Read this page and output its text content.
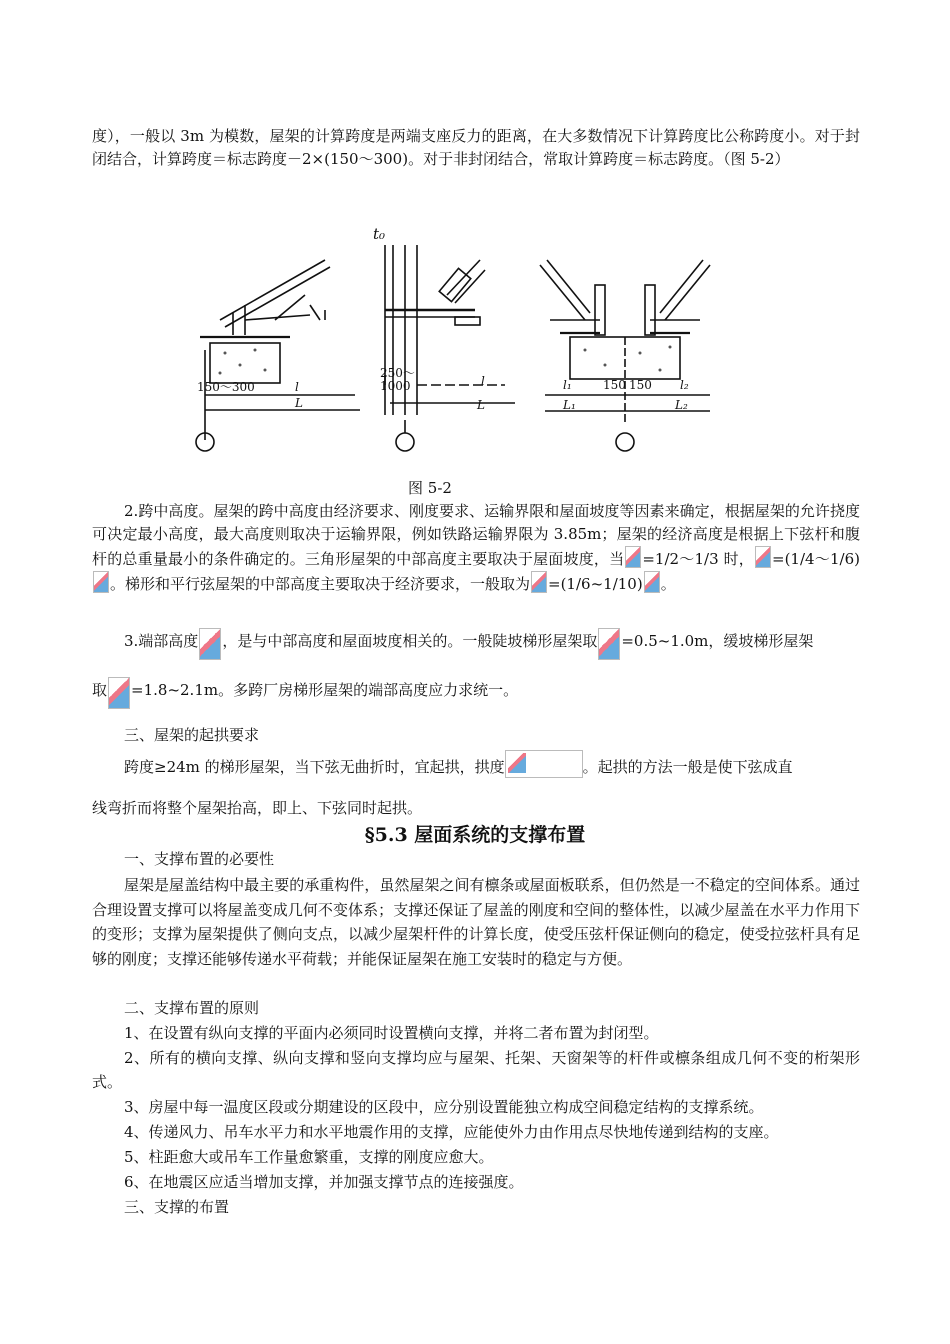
度），一般以 3m 为模数，屋架的计算跨度是两端支座反力的距离，在大多数情况下计算跨度比公称跨度小。对于封闭结合，计算跨度＝标志跨度－2×(150～300)。对于非封闭结合，常取计算跨度＝标志跨度。（图 5-2）

150～300	l
L
t₀
250～
1000	l
L
l₁	150 150 l₂
L₁	L₂
图 5-2

2.跨中高度。屋架的跨中高度由经济要求、刚度要求、运输界限和屋面坡度等因素来确定，根据屋架的允许挠度可决定最小高度，最大高度则取决于运输界限，例如铁路运输界限为 3.85m；屋架的经济高度是根据上下弦杆和腹杆的总重量最小的条件确定的。三角形屋架的中部高度主要取决于屋面坡度，当 =1/2～1/3 时， =(1/4～1/6)。梯形和平行弦屋架的中部高度主要取决于经济要求，一般取为 =(1/6~1/10) 。

3.端部高度 ，是与中部高度和屋面坡度相关的。一般陡坡梯形屋架取 =0.5~1.0m，缓坡梯形屋架

取 =1.8~2.1m。多跨厂房梯形屋架的端部高度应力求统一。

三、屋架的起拱要求

跨度≥24m 的梯形屋架，当下弦无曲折时，宜起拱，拱度	。起拱的方法一般是使下弦成直

线弯折而将整个屋架抬高，即上、下弦同时起拱。

§5.3 屋面系统的支撑布置

一、支撑布置的必要性

屋架是屋盖结构中最主要的承重构件，虽然屋架之间有檩条或屋面板联系，但仍然是一不稳定的空间体系。通过合理设置支撑可以将屋盖变成几何不变体系；支撑还保证了屋盖的刚度和空间的整体性，以减少屋盖在水平力作用下的变形；支撑为屋架提供了侧向支点，以减少屋架杆件的计算长度，使受压弦杆保证侧向的稳定，使受拉弦杆具有足够的刚度；支撑还能够传递水平荷载；并能保证屋架在施工安装时的稳定与方便。

二、支撑布置的原则

1、在设置有纵向支撑的平面内必须同时设置横向支撑，并将二者布置为封闭型。

2、所有的横向支撑、纵向支撑和竖向支撑均应与屋架、托架、天窗架等的杆件或檩条组成几何不变的桁架形式。

3、房屋中每一温度区段或分期建设的区段中，应分别设置能独立构成空间稳定结构的支撑系统。

4、传递风力、吊车水平力和水平地震作用的支撑，应能使外力由作用点尽快地传递到结构的支座。

5、柱距愈大或吊车工作量愈繁重，支撑的刚度应愈大。

6、在地震区应适当增加支撑，并加强支撑节点的连接强度。

三、支撑的布置
